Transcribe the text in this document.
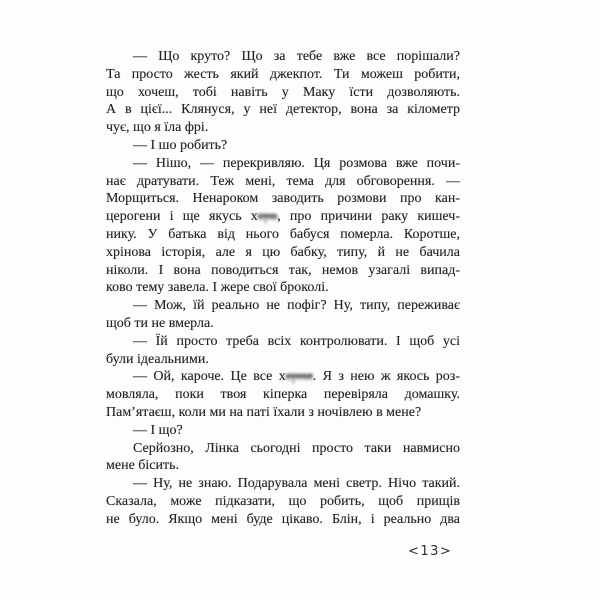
— Що круто? Що за тебе вже все порішали?
Та просто жесть який джекпот. Ти можеш робити,
що хочеш, тобі навіть у Маку їсти дозволяють.
А в цієї... Клянуся, у неї детектор, вона за кілометр
чує, що я їла фрі.
— І шо робить?
— Нішо, — перекривляю. Ця розмова вже почи-
нає дратувати. Теж мені, тема для обговорення. —
Морщиться. Ненароком заводить розмови про кан-
церогени і ще якусь хєрь, про причини раку кишеч-
нику. У батька від нього бабуся померла. Коротше,
хрінова історія, але я цю бабку, типу, й не бачила
ніколи. І вона поводиться так, немов узагалі випад-
ково тему завела. І жере свої броколі.
— Мож, їй реально не пофіг? Ну, типу, переживає
щоб ти не вмерла.
— Їй просто треба всіх контролювати. І щоб усі
були ідеальними.
— Ой, кароче. Це все хєрня. Я з нею ж якось роз-
мовляла, поки твоя кіперка перевіряла домашку.
Памʼятаєш, коли ми на паті їхали з ночівлею в мене?
— І що?
Серйозно, Лінка сьогодні просто таки навмисно
мене бісить.
— Ну, не знаю. Подарувала мені светр. Нічо такий.
Сказала, може підказати, що робить, щоб прищів
не було. Якщо мені буде цікаво. Блін, і реально два
<13>
